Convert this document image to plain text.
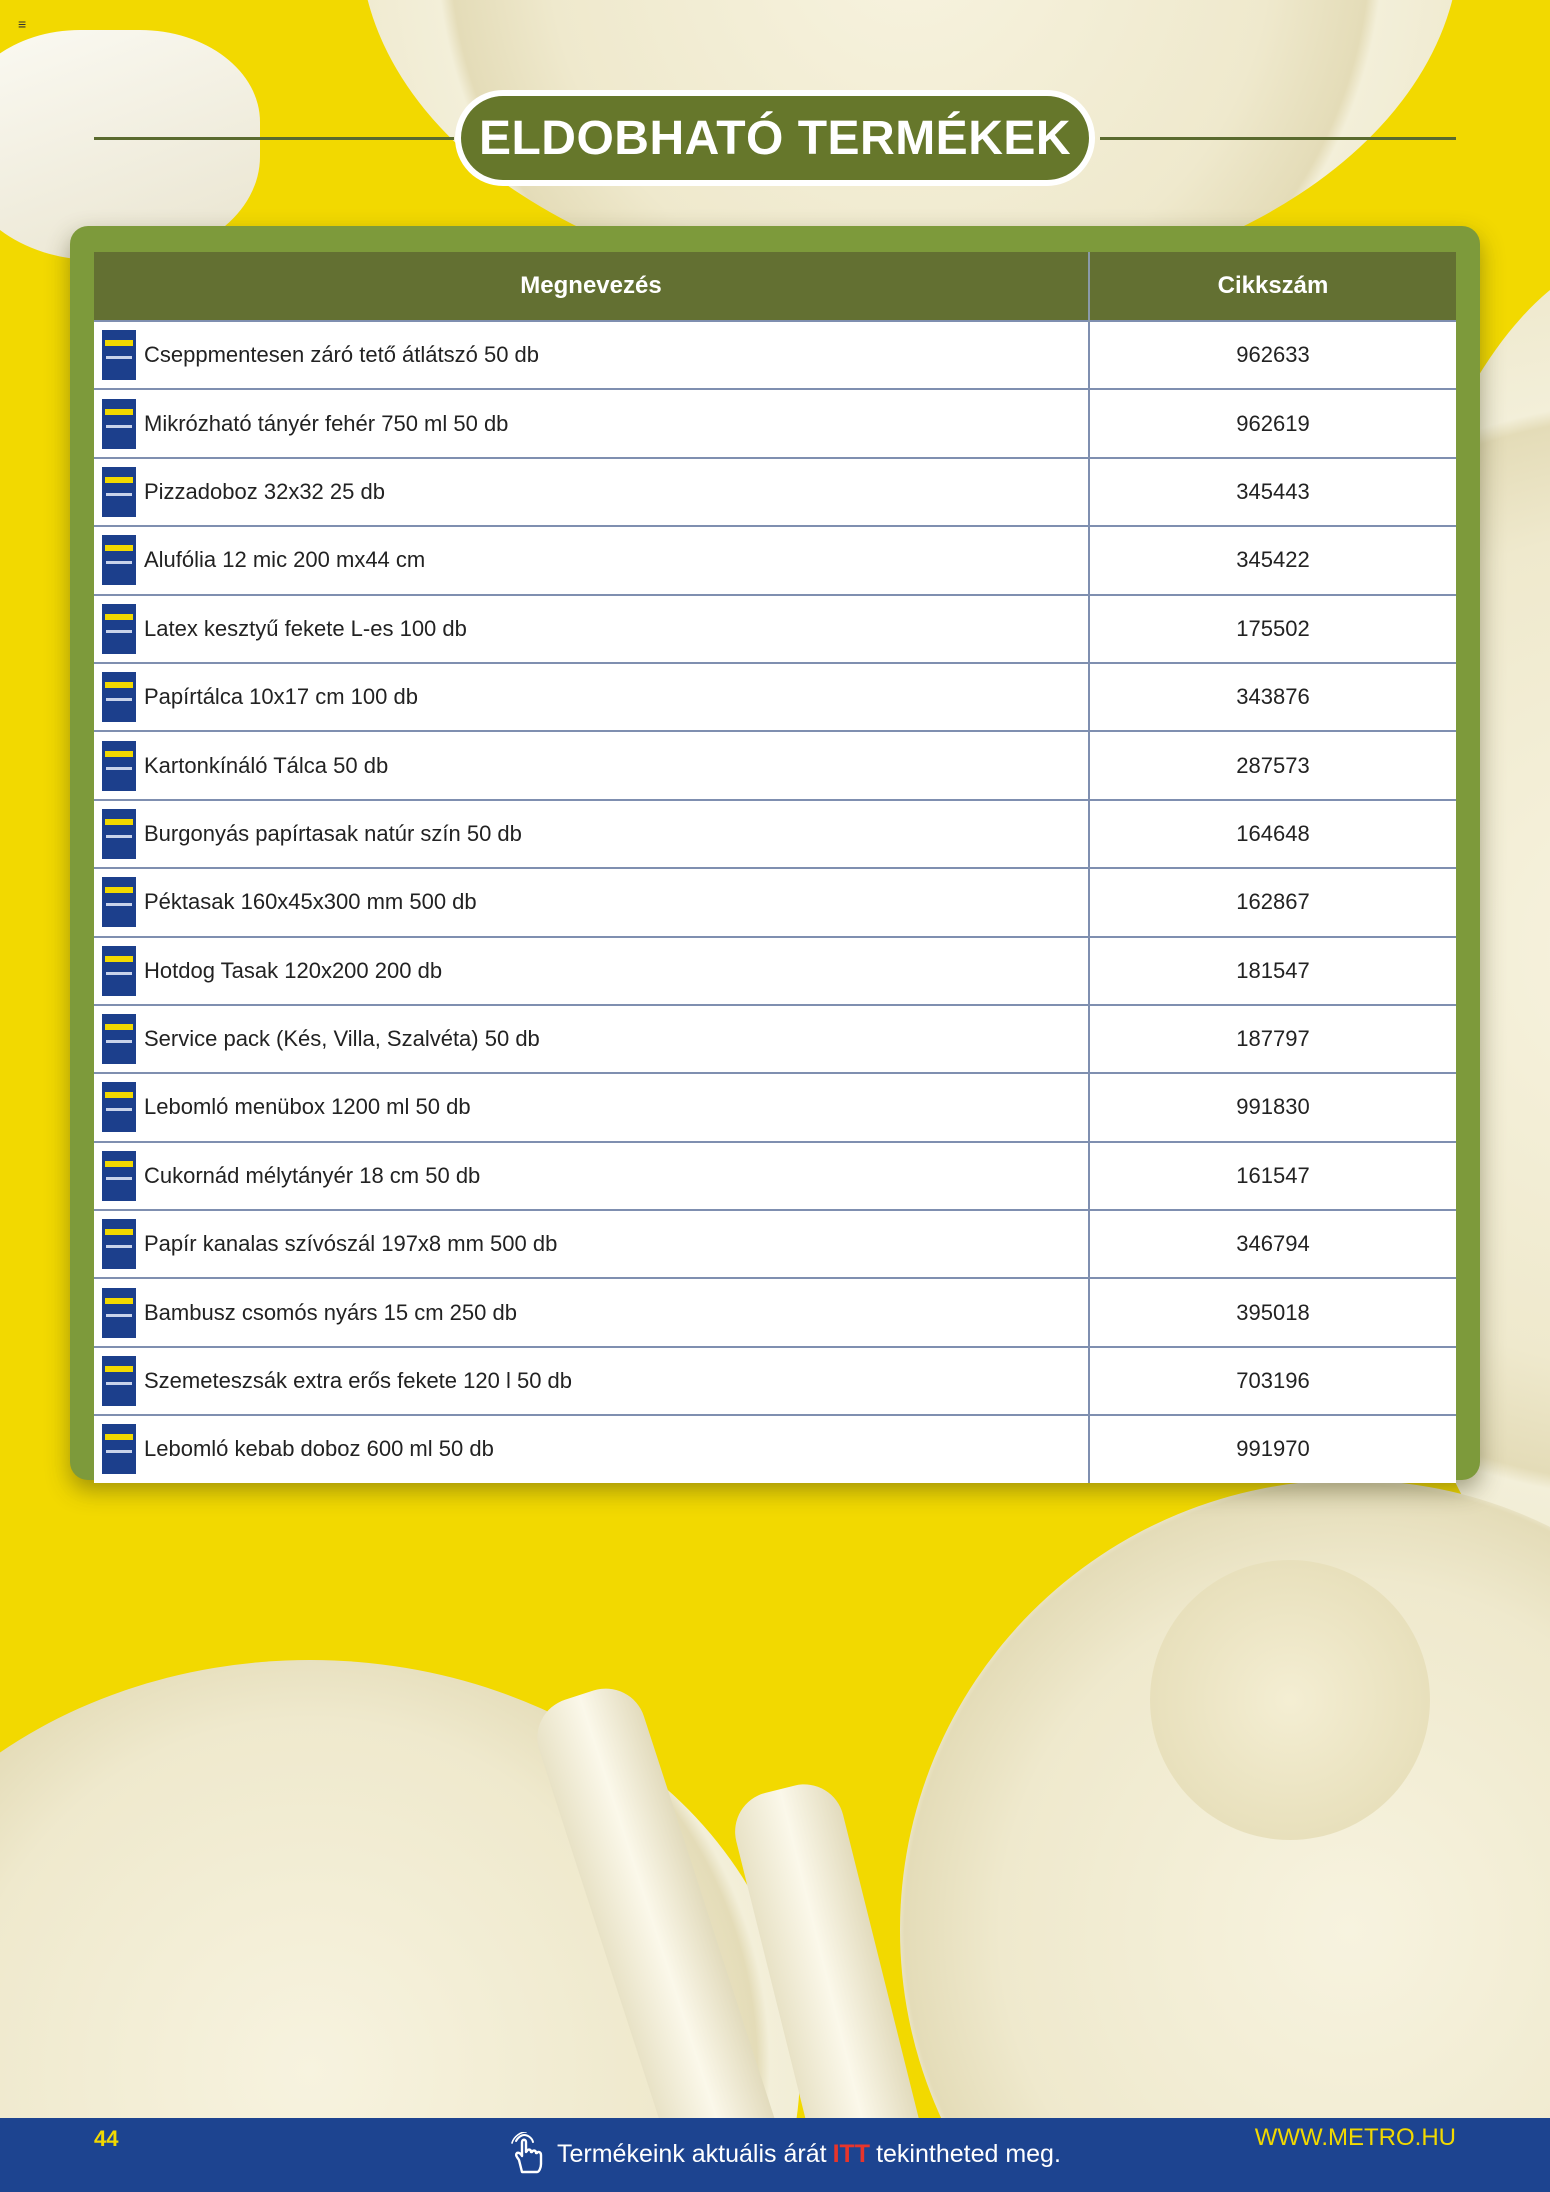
≡
ELDOBHATÓ TERMÉKEK
Megnevezés	Cikkszám

Cseppmentesen záró tető átlátszó 50 db	962633

Mikrózható tányér fehér 750 ml 50 db	962619

Pizzadoboz 32x32 25 db	345443

Alufólia 12 mic 200 mx44 cm	345422

Latex kesztyű fekete L-es 100 db	175502

Papírtálca 10x17 cm 100 db	343876

Kartonkínáló Tálca 50 db	287573

Burgonyás papírtasak natúr szín 50 db	164648

Péktasak 160x45x300 mm 500 db	162867

Hotdog Tasak 120x200 200 db	181547

Service pack (Kés, Villa, Szalvéta) 50 db	187797

Lebomló menübox 1200 ml 50 db	991830

Cukornád mélytányér 18 cm 50 db	161547

Papír kanalas szívószál 197x8 mm 500 db	346794

Bambusz csomós nyárs 15 cm 250 db	395018

Szemeteszsák extra erős fekete 120 l 50 db	703196

Lebomló kebab doboz 600 ml 50 db	991970
44
Termékeink aktuális árát ITT tekintheted meg.
WWW.METRO.HU
